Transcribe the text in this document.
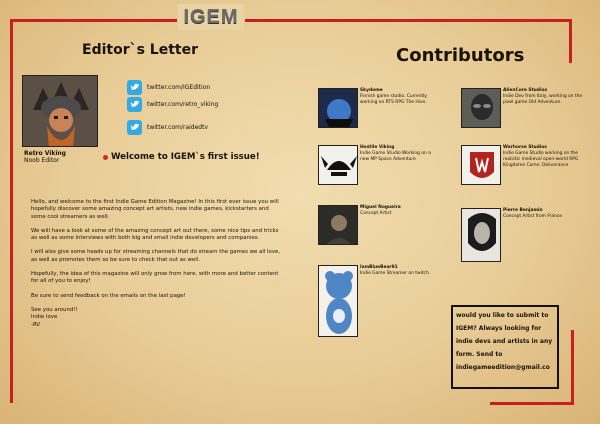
IGEM
Editor`s Letter	Contributors
Retro Viking
Noob Editor
twitter.com/IGEdition
twitter.com/retro_viking
twitter.com/raidedtv
Welcome to IGEM`s first issue!

Hello, and welcome to the first Indie Game Edition Magazine! In this first ever issue you will hopefully discover some amazing concept art artists, new indie games, kickstarters and some cool streamers as well.

We will have a look at some of the amazing concept art out there, some nice tips and tricks as well as some interviews with both big and small indie developers and companies.

I will also give some heads up for streaming channels that do stream the games we all love, as well as promotes them so be sure to check that out as well.

Hopefully, the idea of this magazine will only grow from here, with more and better content for all of you to enjoy!

Be sure to send feedback on the emails on the last page!

See you around!!

Indie love

-RV

Skydome
Finnish game studio. Currently working on RTS RPG The Hive.
AlienCore Studios
Indie Dev from Italy, working on the pixel game Old Adventure.
Hostile Viking
Indie Game Studio Working on a new MP Space Adventure
Warhorse Studios
Indie Game Studio working on the realistic medieval open-world RPG Kingdome Come: Deliverance
Miguel Nogueira
Concept Artist
Pierre Benjamin
Concept Artist from France
IamBlueBear91
Indie Game Streamer on twitch.
would you like to submit to IGEM? Always looking for indie devs and artists in any form. Send to indiegameedition@gmail.co
